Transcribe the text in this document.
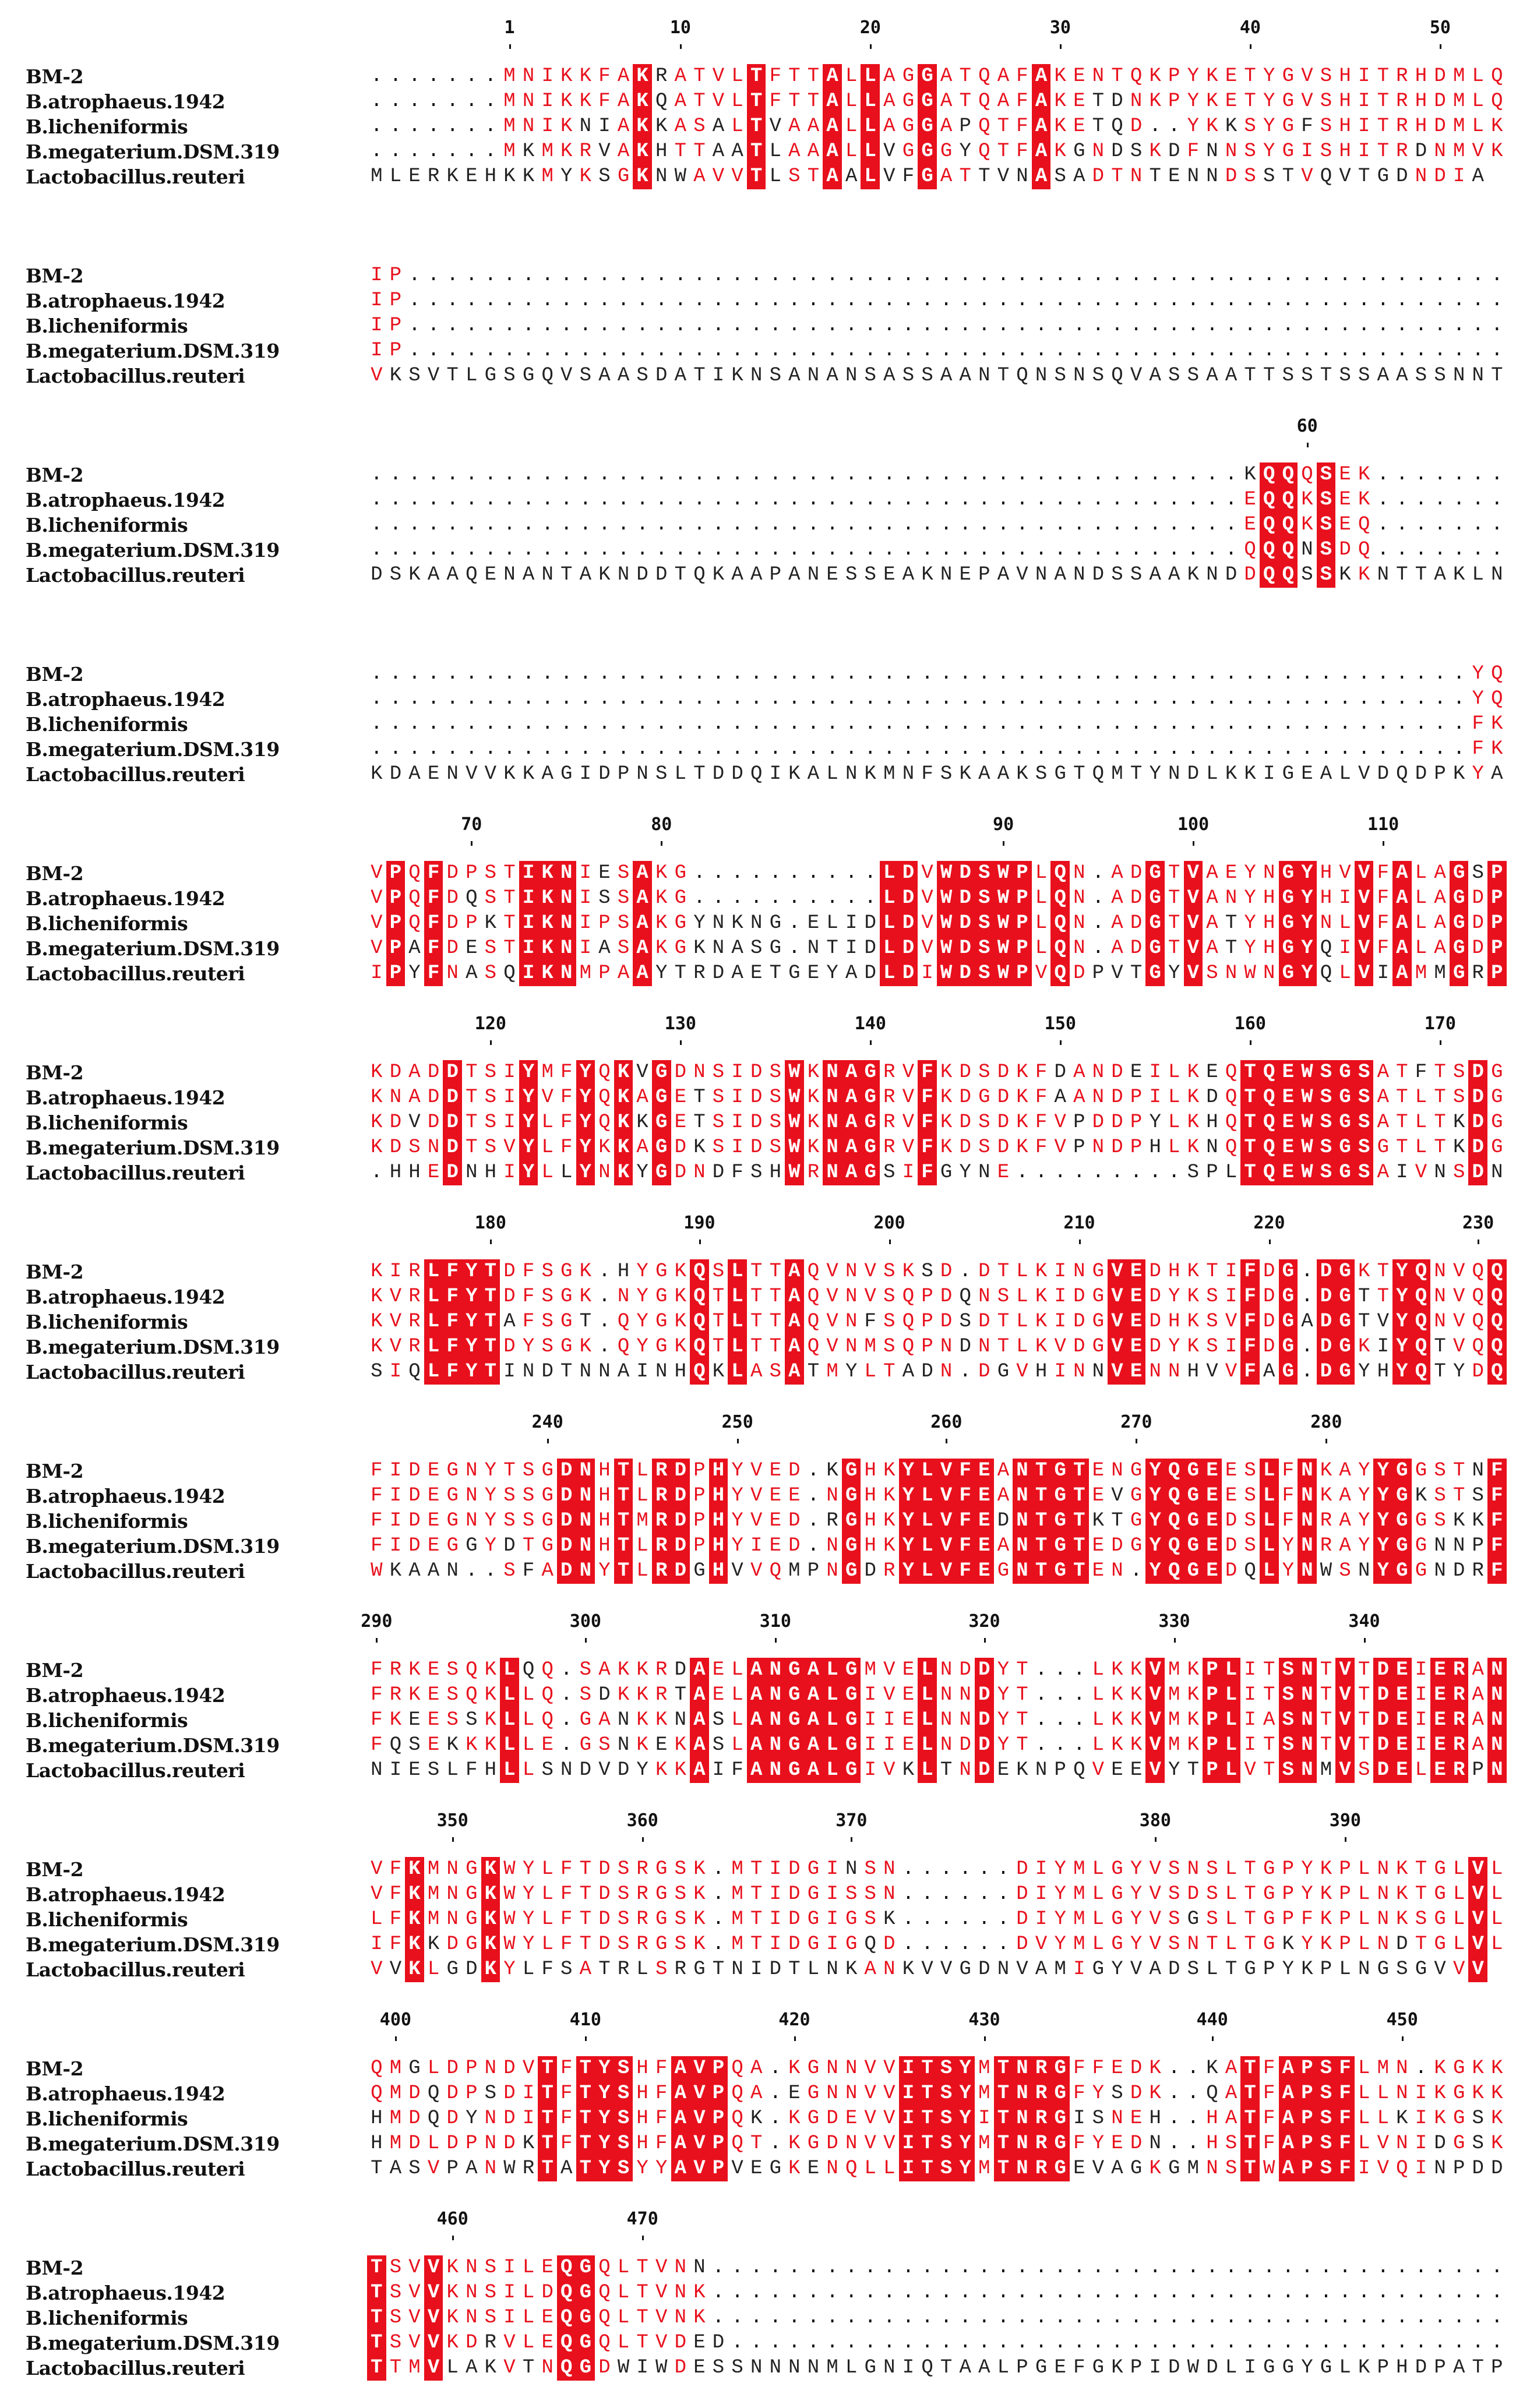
1	10	20	30	40	50
BM-2	. . . . . . . M N I K K F A K R A T V L T F T T A L L A G G A T Q A F A K E N T Q K P Y K E T Y G V S H I T R H D M L Q
B.atrophaeus.1942	. . . . . . . M N I K K F A K Q A T V L T F T T A L L A G G A T Q A F A K E T D N K P Y K E T Y G V S H I T R H D M L Q
B.licheniformis	. . . . . . . M N I K N I A K K A S A L T V A A A L L A G G A P Q T F A K E T Q D . . Y K K S Y G F S H I T R H D M L K
B.megaterium.DSM.319	. . . . . . . M K M K R V A K H T T A A T L A A A L L V G G G Y Q T F A K G N D S K D F N N S Y G I S H I T R D N M V K
Lactobacillus.reuteri	M L E R K E H K K M Y K S G K N W A V V T L S T A A L V F G A T T V N A S A D T N T E N N D S S T V Q V T G D N D I A
BM-2	I P . . . . . . . . . . . . . . . . . . . . . . . . . . . . . . . . . . . . . . . . . . . . . . . . . . . . . . . . . .
B.atrophaeus.1942	I P . . . . . . . . . . . . . . . . . . . . . . . . . . . . . . . . . . . . . . . . . . . . . . . . . . . . . . . . . .
B.licheniformis	I P . . . . . . . . . . . . . . . . . . . . . . . . . . . . . . . . . . . . . . . . . . . . . . . . . . . . . . . . . .
B.megaterium.DSM.319	I P . . . . . . . . . . . . . . . . . . . . . . . . . . . . . . . . . . . . . . . . . . . . . . . . . . . . . . . . . .
Lactobacillus.reuteri	V K S V T L G S G Q V S A A S D A T I K N S A N A N S A S S A A N T Q N S N S Q V A S S A A T T S S T S S A A S S N N T
60
BM-2	. . . . . . . . . . . . . . . . . . . . . . . . . . . . . . . . . . . . . . . . . . . . . . K Q Q Q S E K . . . . . . .
B.atrophaeus.1942	. . . . . . . . . . . . . . . . . . . . . . . . . . . . . . . . . . . . . . . . . . . . . . E Q Q K S E K . . . . . . .
B.licheniformis	. . . . . . . . . . . . . . . . . . . . . . . . . . . . . . . . . . . . . . . . . . . . . . E Q Q K S E Q . . . . . . .
B.megaterium.DSM.319	. . . . . . . . . . . . . . . . . . . . . . . . . . . . . . . . . . . . . . . . . . . . . . Q Q Q N S D Q . . . . . . .
Lactobacillus.reuteri	D S K A A Q E N A N T A K N D D T Q K A A P A N E S S E A K N E P A V N A N D S S A A K N D D Q Q S S K K N T T A K L N
BM-2	. . . . . . . . . . . . . . . . . . . . . . . . . . . . . . . . . . . . . . . . . . . . . . . . . . . . . . . . . . Y Q
B.atrophaeus.1942	. . . . . . . . . . . . . . . . . . . . . . . . . . . . . . . . . . . . . . . . . . . . . . . . . . . . . . . . . . Y Q
B.licheniformis	. . . . . . . . . . . . . . . . . . . . . . . . . . . . . . . . . . . . . . . . . . . . . . . . . . . . . . . . . . F K
B.megaterium.DSM.319	. . . . . . . . . . . . . . . . . . . . . . . . . . . . . . . . . . . . . . . . . . . . . . . . . . . . . . . . . . F K
Lactobacillus.reuteri	K D A E N V V K K A G I D P N S L T D D Q I K A L N K M N F S K A A K S G T Q M T Y N D L K K I G E A L V D Q D P K Y A
70	80	90	100	110
BM-2	V P Q F D P S T I K N I E S A K G . . . . . . . . . . L D V W D S W P L Q N . A D G T V A E Y N G Y H V V F A L A G S P
B.atrophaeus.1942	V P Q F D Q S T I K N I S S A K G . . . . . . . . . . L D V W D S W P L Q N . A D G T V A N Y H G Y H I V F A L A G D P
B.licheniformis	V P Q F D P K T I K N I P S A K G Y N K N G . E L I D L D V W D S W P L Q N . A D G T V A T Y H G Y N L V F A L A G D P
B.megaterium.DSM.319	V P A F D E S T I K N I A S A K G K N A S G . N T I D L D V W D S W P L Q N . A D G T V A T Y H G Y Q I V F A L A G D P
Lactobacillus.reuteri	I P Y F N A S Q I K N M P A A Y T R D A E T G E Y A D L D I W D S W P V Q D P V T G Y V S N W N G Y Q L V I A M M G R P
120	130	140	150	160	170
BM-2	K D A D D T S I Y M F Y Q K V G D N S I D S W K N A G R V F K D S D K F D A N D E I L K E Q T Q E W S G S A T F T S D G
B.atrophaeus.1942	K N A D D T S I Y V F Y Q K A G E T S I D S W K N A G R V F K D G D K F A A N D P I L K D Q T Q E W S G S A T L T S D G
B.licheniformis	K D V D D T S I Y L F Y Q K K G E T S I D S W K N A G R V F K D S D K F V P D D P Y L K H Q T Q E W S G S A T L T K D G
B.megaterium.DSM.319	K D S N D T S V Y L F Y K K A G D K S I D S W K N A G R V F K D S D K F V P N D P H L K N Q T Q E W S G S G T L T K D G
Lactobacillus.reuteri	. H H E D N H I Y L L Y N K Y G D N D F S H W R N A G S I F G Y N E . . . . . . . . . S P L T Q E W S G S A I V N S D N
180	190	200	210	220	230
BM-2	K I R L F Y T D F S G K . H Y G K Q S L T T A Q V N V S K S D . D T L K I N G V E D H K T I F D G . D G K T Y Q N V Q Q
B.atrophaeus.1942	K V R L F Y T D F S G K . N Y G K Q T L T T A Q V N V S Q P D Q N S L K I D G V E D Y K S I F D G . D G T T Y Q N V Q Q
B.licheniformis	K V R L F Y T A F S G T . Q Y G K Q T L T T A Q V N F S Q P D S D T L K I D G V E D H K S V F D G A D G T V Y Q N V Q Q
B.megaterium.DSM.319	K V R L F Y T D Y S G K . Q Y G K Q T L T T A Q V N M S Q P N D N T L K V D G V E D Y K S I F D G . D G K I Y Q T V Q Q
Lactobacillus.reuteri	S I Q L F Y T I N D T N N A I N H Q K L A S A T M Y L T A D N . D G V H I N N V E N N H V V F A G . D G Y H Y Q T Y D Q
240	250	260	270	280
BM-2	F I D E G N Y T S G D N H T L R D P H Y V E D . K G H K Y L V F E A N T G T E N G Y Q G E E S L F N K A Y Y G G S T N F
B.atrophaeus.1942	F I D E G N Y S S G D N H T L R D P H Y V E E . N G H K Y L V F E A N T G T E V G Y Q G E E S L F N K A Y Y G K S T S F
B.licheniformis	F I D E G N Y S S G D N H T M R D P H Y V E D . R G H K Y L V F E D N T G T K T G Y Q G E D S L F N R A Y Y G G S K K F
B.megaterium.DSM.319	F I D E G G Y D T G D N H T L R D P H Y I E D . N G H K Y L V F E A N T G T E D G Y Q G E D S L Y N R A Y Y G G N N P F
Lactobacillus.reuteri	W K A A N . . S F A D N Y T L R D G H V V Q M P N G D R Y L V F E G N T G T E N . Y Q G E D Q L Y N W S N Y G G N D R F
290	300	310	320	330	340
BM-2	F R K E S Q K L Q Q . S A K K R D A E L A N G A L G M V E L N D D Y T . . . L K K V M K P L I T S N T V T D E I E R A N
B.atrophaeus.1942	F R K E S Q K L L Q . S D K K R T A E L A N G A L G I V E L N N D Y T . . . L K K V M K P L I T S N T V T D E I E R A N
B.licheniformis	F K E E S S K L L Q . G A N K K N A S L A N G A L G I I E L N N D Y T . . . L K K V M K P L I A S N T V T D E I E R A N
B.megaterium.DSM.319	F Q S E K K K L L E . G S N K E K A S L A N G A L G I I E L N D D Y T . . . L K K V M K P L I T S N T V T D E I E R A N
Lactobacillus.reuteri	N I E S L F H L L S N D V D Y K K A I F A N G A L G I V K L T N D E K N P Q V E E V Y T P L V T S N M V S D E L E R P N
350	360	370	380	390
BM-2	V F K M N G K W Y L F T D S R G S K . M T I D G I N S N . . . . . . D I Y M L G Y V S N S L T G P Y K P L N K T G L V L
B.atrophaeus.1942	V F K M N G K W Y L F T D S R G S K . M T I D G I S S N . . . . . . D I Y M L G Y V S D S L T G P Y K P L N K T G L V L
B.licheniformis	L F K M N G K W Y L F T D S R G S K . M T I D G I G S K . . . . . . D I Y M L G Y V S G S L T G P F K P L N K S G L V L
B.megaterium.DSM.319	I F K K D G K W Y L F T D S R G S K . M T I D G I G Q D . . . . . . D V Y M L G Y V S N T L T G K Y K P L N D T G L V L
Lactobacillus.reuteri	V V K L G D K Y L F S A T R L S R G T N I D T L N K A N K V V G D N V A M I G Y V A D S L T G P Y K P L N G S G V V V
400	410	420	430	440	450
BM-2	Q M G L D P N D V T F T Y S H F A V P Q A . K G N N V V I T S Y M T N R G F F E D K . . K A T F A P S F L M N . K G K K
B.atrophaeus.1942	Q M D Q D P S D I T F T Y S H F A V P Q A . E G N N V V I T S Y M T N R G F Y S D K . . Q A T F A P S F L L N I K G K K
B.licheniformis	H M D Q D Y N D I T F T Y S H F A V P Q K . K G D E V V I T S Y I T N R G I S N E H . . H A T F A P S F L L K I K G S K
B.megaterium.DSM.319	H M D L D P N D K T F T Y S H F A V P Q T . K G D N V V I T S Y M T N R G F Y E D N . . H S T F A P S F L V N I D G S K
Lactobacillus.reuteri	T A S V P A N W R T A T Y S Y Y A V P V E G K E N Q L L I T S Y M T N R G E V A G K G M N S T W A P S F I V Q I N P D D
460	470
BM-2	T S V V K N S I L E Q G Q L T V N N . . . . . . . . . . . . . . . . . . . . . . . . . . . . . . . . . . . . . . . . . .
B.atrophaeus.1942	T S V V K N S I L D Q G Q L T V N K . . . . . . . . . . . . . . . . . . . . . . . . . . . . . . . . . . . . . . . . . .
B.licheniformis	T S V V K N S I L E Q G Q L T V N K . . . . . . . . . . . . . . . . . . . . . . . . . . . . . . . . . . . . . . . . . .
B.megaterium.DSM.319	T S V V K D R V L E Q G Q L T V D E D . . . . . . . . . . . . . . . . . . . . . . . . . . . . . . . . . . . . . . . . .
Lactobacillus.reuteri	T T M V L A K V T N Q G D W I W D E S S N N N N M L G N I Q T A A L P G E F G K P I D W D L I G G Y G L K P H D P A T P
